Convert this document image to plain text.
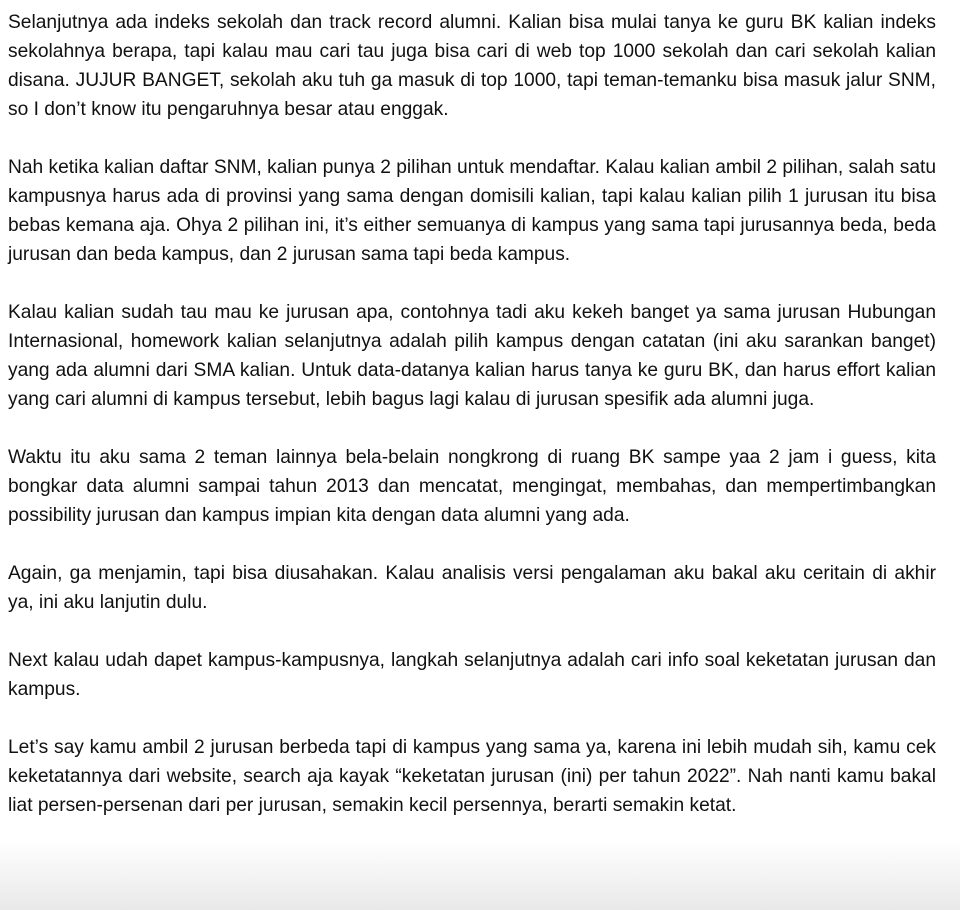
Selanjutnya ada indeks sekolah dan track record alumni. Kalian bisa mulai tanya ke guru BK kalian indeks sekolahnya berapa, tapi kalau mau cari tau juga bisa cari di web top 1000 sekolah dan cari sekolah kalian disana. JUJUR BANGET, sekolah aku tuh ga masuk di top 1000, tapi teman-temanku bisa masuk jalur SNM, so I don’t know itu pengaruhnya besar atau enggak.

Nah ketika kalian daftar SNM, kalian punya 2 pilihan untuk mendaftar. Kalau kalian ambil 2 pilihan, salah satu kampusnya harus ada di provinsi yang sama dengan domisili kalian, tapi kalau kalian pilih 1 jurusan itu bisa bebas kemana aja. Ohya 2 pilihan ini, it’s either semuanya di kampus yang sama tapi jurusannya beda, beda jurusan dan beda kampus, dan 2 jurusan sama tapi beda kampus.

Kalau kalian sudah tau mau ke jurusan apa, contohnya tadi aku kekeh banget ya sama jurusan Hubungan Internasional, homework kalian selanjutnya adalah pilih kampus dengan catatan (ini aku sarankan banget) yang ada alumni dari SMA kalian. Untuk data-datanya kalian harus tanya ke guru BK, dan harus effort kalian yang cari alumni di kampus tersebut, lebih bagus lagi kalau di jurusan spesifik ada alumni juga.

Waktu itu aku sama 2 teman lainnya bela-belain nongkrong di ruang BK sampe yaa 2 jam i guess, kita bongkar data alumni sampai tahun 2013 dan mencatat, mengingat, membahas, dan mempertimbangkan possibility jurusan dan kampus impian kita dengan data alumni yang ada.

Again, ga menjamin, tapi bisa diusahakan. Kalau analisis versi pengalaman aku bakal aku ceritain di akhir ya, ini aku lanjutin dulu.

Next kalau udah dapet kampus-kampusnya, langkah selanjutnya adalah cari info soal keketatan jurusan dan kampus.

Let’s say kamu ambil 2 jurusan berbeda tapi di kampus yang sama ya, karena ini lebih mudah sih, kamu cek keketatannya dari website, search aja kayak “keketatan jurusan (ini) per tahun 2022”. Nah nanti kamu bakal liat persen-persenan dari per jurusan, semakin kecil persennya, berarti semakin ketat.
